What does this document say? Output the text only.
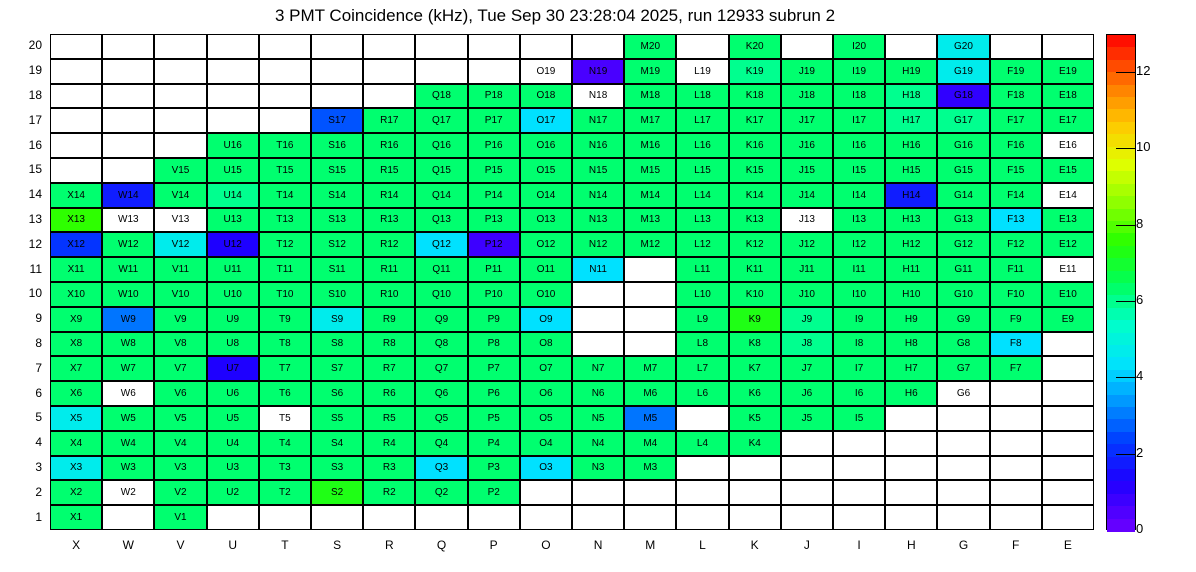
3 PMT Coincidence (kHz), Tue Sep 30 23:28:04 2025, run 12933 subrun 2
M20	K20	I20	G20
O19	N19	M19	L19	K19	J19	I19	H19	G19	F19	E19
Q18	P18	O18	N18	M18	L18	K18	J18	I18	H18	G18	F18	E18
S17	R17	Q17	P17	O17	N17	M17	L17	K17	J17	I17	H17	G17	F17	E17
U16	T16	S16	R16	Q16	P16	O16	N16	M16	L16	K16	J16	I16	H16	G16	F16	E16
V15	U15	T15	S15	R15	Q15	P15	O15	N15	M15	L15	K15	J15	I15	H15	G15	F15	E15
X14	W14	V14	U14	T14	S14	R14	Q14	P14	O14	N14	M14	L14	K14	J14	I14	H14	G14	F14	E14
X13	W13	V13	U13	T13	S13	R13	Q13	P13	O13	N13	M13	L13	K13	J13	I13	H13	G13	F13	E13
X12	W12	V12	U12	T12	S12	R12	Q12	P12	O12	N12	M12	L12	K12	J12	I12	H12	G12	F12	E12
X11	W11	V11	U11	T11	S11	R11	Q11	P11	O11	N11	L11	K11	J11	I11	H11	G11	F11	E11
X10	W10	V10	U10	T10	S10	R10	Q10	P10	O10	L10	K10	J10	I10	H10	G10	F10	E10
X9	W9	V9	U9	T9	S9	R9	Q9	P9	O9	L9	K9	J9	I9	H9	G9	F9	E9
X8	W8	V8	U8	T8	S8	R8	Q8	P8	O8	L8	K8	J8	I8	H8	G8	F8
X7	W7	V7	U7	T7	S7	R7	Q7	P7	O7	N7	M7	L7	K7	J7	I7	H7	G7	F7
X6	W6	V6	U6	T6	S6	R6	Q6	P6	O6	N6	M6	L6	K6	J6	I6	H6	G6
X5	W5	V5	U5	T5	S5	R5	Q5	P5	O5	N5	M5	K5	J5	I5
X4	W4	V4	U4	T4	S4	R4	Q4	P4	O4	N4	M4	L4	K4
X3	W3	V3	U3	T3	S3	R3	Q3	P3	O3	N3	M3
X2	W2	V2	U2	T2	S2	R2	Q2	P2
X1	V1
20
19
18
17
16
15
14
13
12
11
10
9
8
7
6
5
4
3
2
1
X	W	V	U	T	S	R	Q	P	O	N	M	L	K	J	I	H	G	F	E
0
2
4
6
8
10
12
